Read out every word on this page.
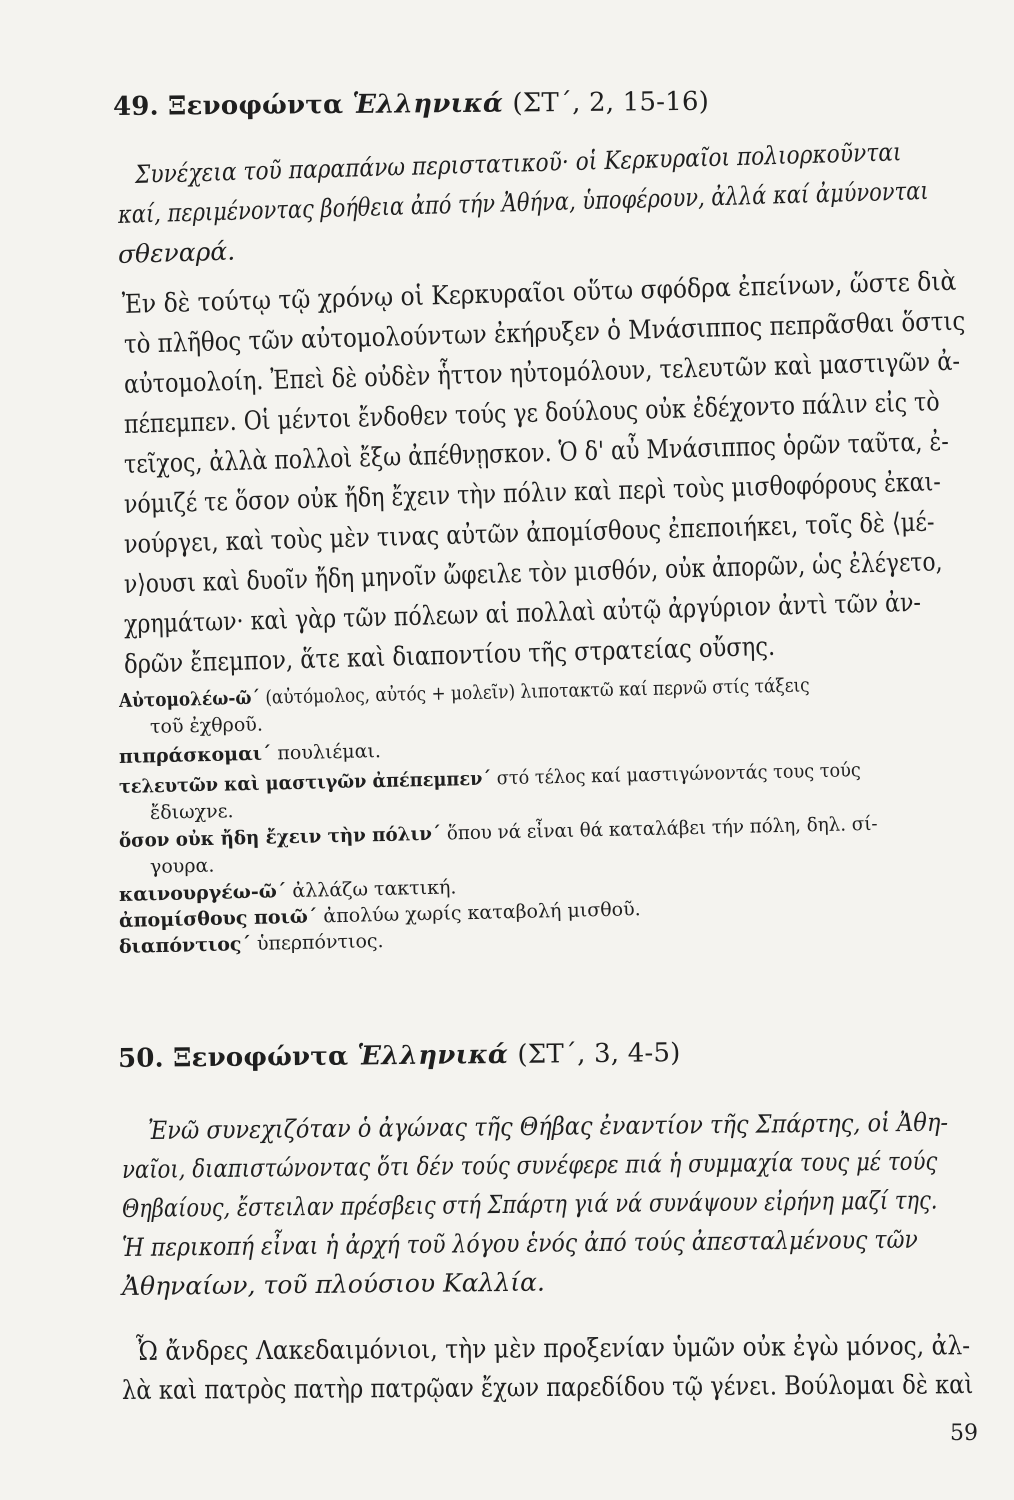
49. Ξενοφώντα Ἑλληνικά (ΣΤ΄, 2, 15-16)
Συνέχεια τοῦ παραπάνω περιστατικοῦ· οἱ Κερκυραῖοι πολιορκοῦνται
καί, περιμένοντας βοήθεια ἀπό τήν Ἀθήνα, ὑποφέρουν, ἀλλά καί ἀμύνονται
σθεναρά.
Ἐν δὲ τούτῳ τῷ χρόνῳ οἱ Κερκυραῖοι οὕτω σφόδρα ἐπείνων, ὥστε διὰ
τὸ πλῆθος τῶν αὐτομολούντων ἐκήρυξεν ὁ Μνάσιππος πεπρᾶσθαι ὅστις
αὐτομολοίη. Ἐπεὶ δὲ οὐδὲν ἧττον ηὐτομόλουν, τελευτῶν καὶ μαστιγῶν ἀ-
πέπεμπεν. Οἱ μέντοι ἔνδοθεν τούς γε δούλους οὐκ ἐδέχοντο πάλιν εἰς τὸ
τεῖχος, ἀλλὰ πολλοὶ ἔξω ἀπέθνῃσκον. Ὁ δ' αὖ Μνάσιππος ὁρῶν ταῦτα, ἐ-
νόμιζέ τε ὅσον οὐκ ἤδη ἔχειν τὴν πόλιν καὶ περὶ τοὺς μισθοφόρους ἐκαι-
νούργει, καὶ τοὺς μὲν τινας αὐτῶν ἀπομίσθους ἐπεποιήκει, τοῖς δὲ ⟨μέ-
ν⟩ουσι καὶ δυοῖν ἤδη μηνοῖν ὤφειλε τὸν μισθόν, οὐκ ἀπορῶν, ὡς ἐλέγετο,
χρημάτων· καὶ γὰρ τῶν πόλεων αἱ πολλαὶ αὐτῷ ἀργύριον ἀντὶ τῶν ἀν-
δρῶν ἔπεμπον, ἅτε καὶ διαποντίου τῆς στρατείας οὔσης.
Αὐτομολέω-ῶ΄ (αὐτόμολος, αὐτός + μολεῖν) λιποτακτῶ καί περνῶ στίς τάξεις
τοῦ ἐχθροῦ.
πιπράσκομαι΄ πουλιέμαι.
τελευτῶν καὶ μαστιγῶν ἀπέπεμπεν΄ στό τέλος καί μαστιγώνοντάς τους τούς
ἔδιωχνε.
ὅσον οὐκ ἤδη ἔχειν τὴν πόλιν΄ ὅπου νά εἶναι θά καταλάβει τήν πόλη, δηλ. σί-
γουρα.
καινουργέω-ῶ΄ ἀλλάζω τακτική.
ἀπομίσθους ποιῶ΄ ἀπολύω χωρίς καταβολή μισθοῦ.
διαπόντιος΄ ὑπερπόντιος.
50. Ξενοφώντα Ἑλληνικά (ΣΤ΄, 3, 4-5)
Ἐνῶ συνεχιζόταν ὁ ἀγώνας τῆς Θήβας ἐναντίον τῆς Σπάρτης, οἱ Ἀθη-
ναῖοι, διαπιστώνοντας ὅτι δέν τούς συνέφερε πιά ἡ συμμαχία τους μέ τούς
Θηβαίους, ἔστειλαν πρέσβεις στή Σπάρτη γιά νά συνάψουν εἰρήνη μαζί της.
Ἡ περικοπή εἶναι ἡ ἀρχή τοῦ λόγου ἑνός ἀπό τούς ἀπεσταλμένους τῶν
Ἀθηναίων, τοῦ πλούσιου Καλλία.
Ὦ ἄνδρες Λακεδαιμόνιοι, τὴν μὲν προξενίαν ὑμῶν οὐκ ἐγὼ μόνος, ἀλ-
λὰ καὶ πατρὸς πατὴρ πατρῷαν ἔχων παρεδίδου τῷ γένει. Βούλομαι δὲ καὶ
59
